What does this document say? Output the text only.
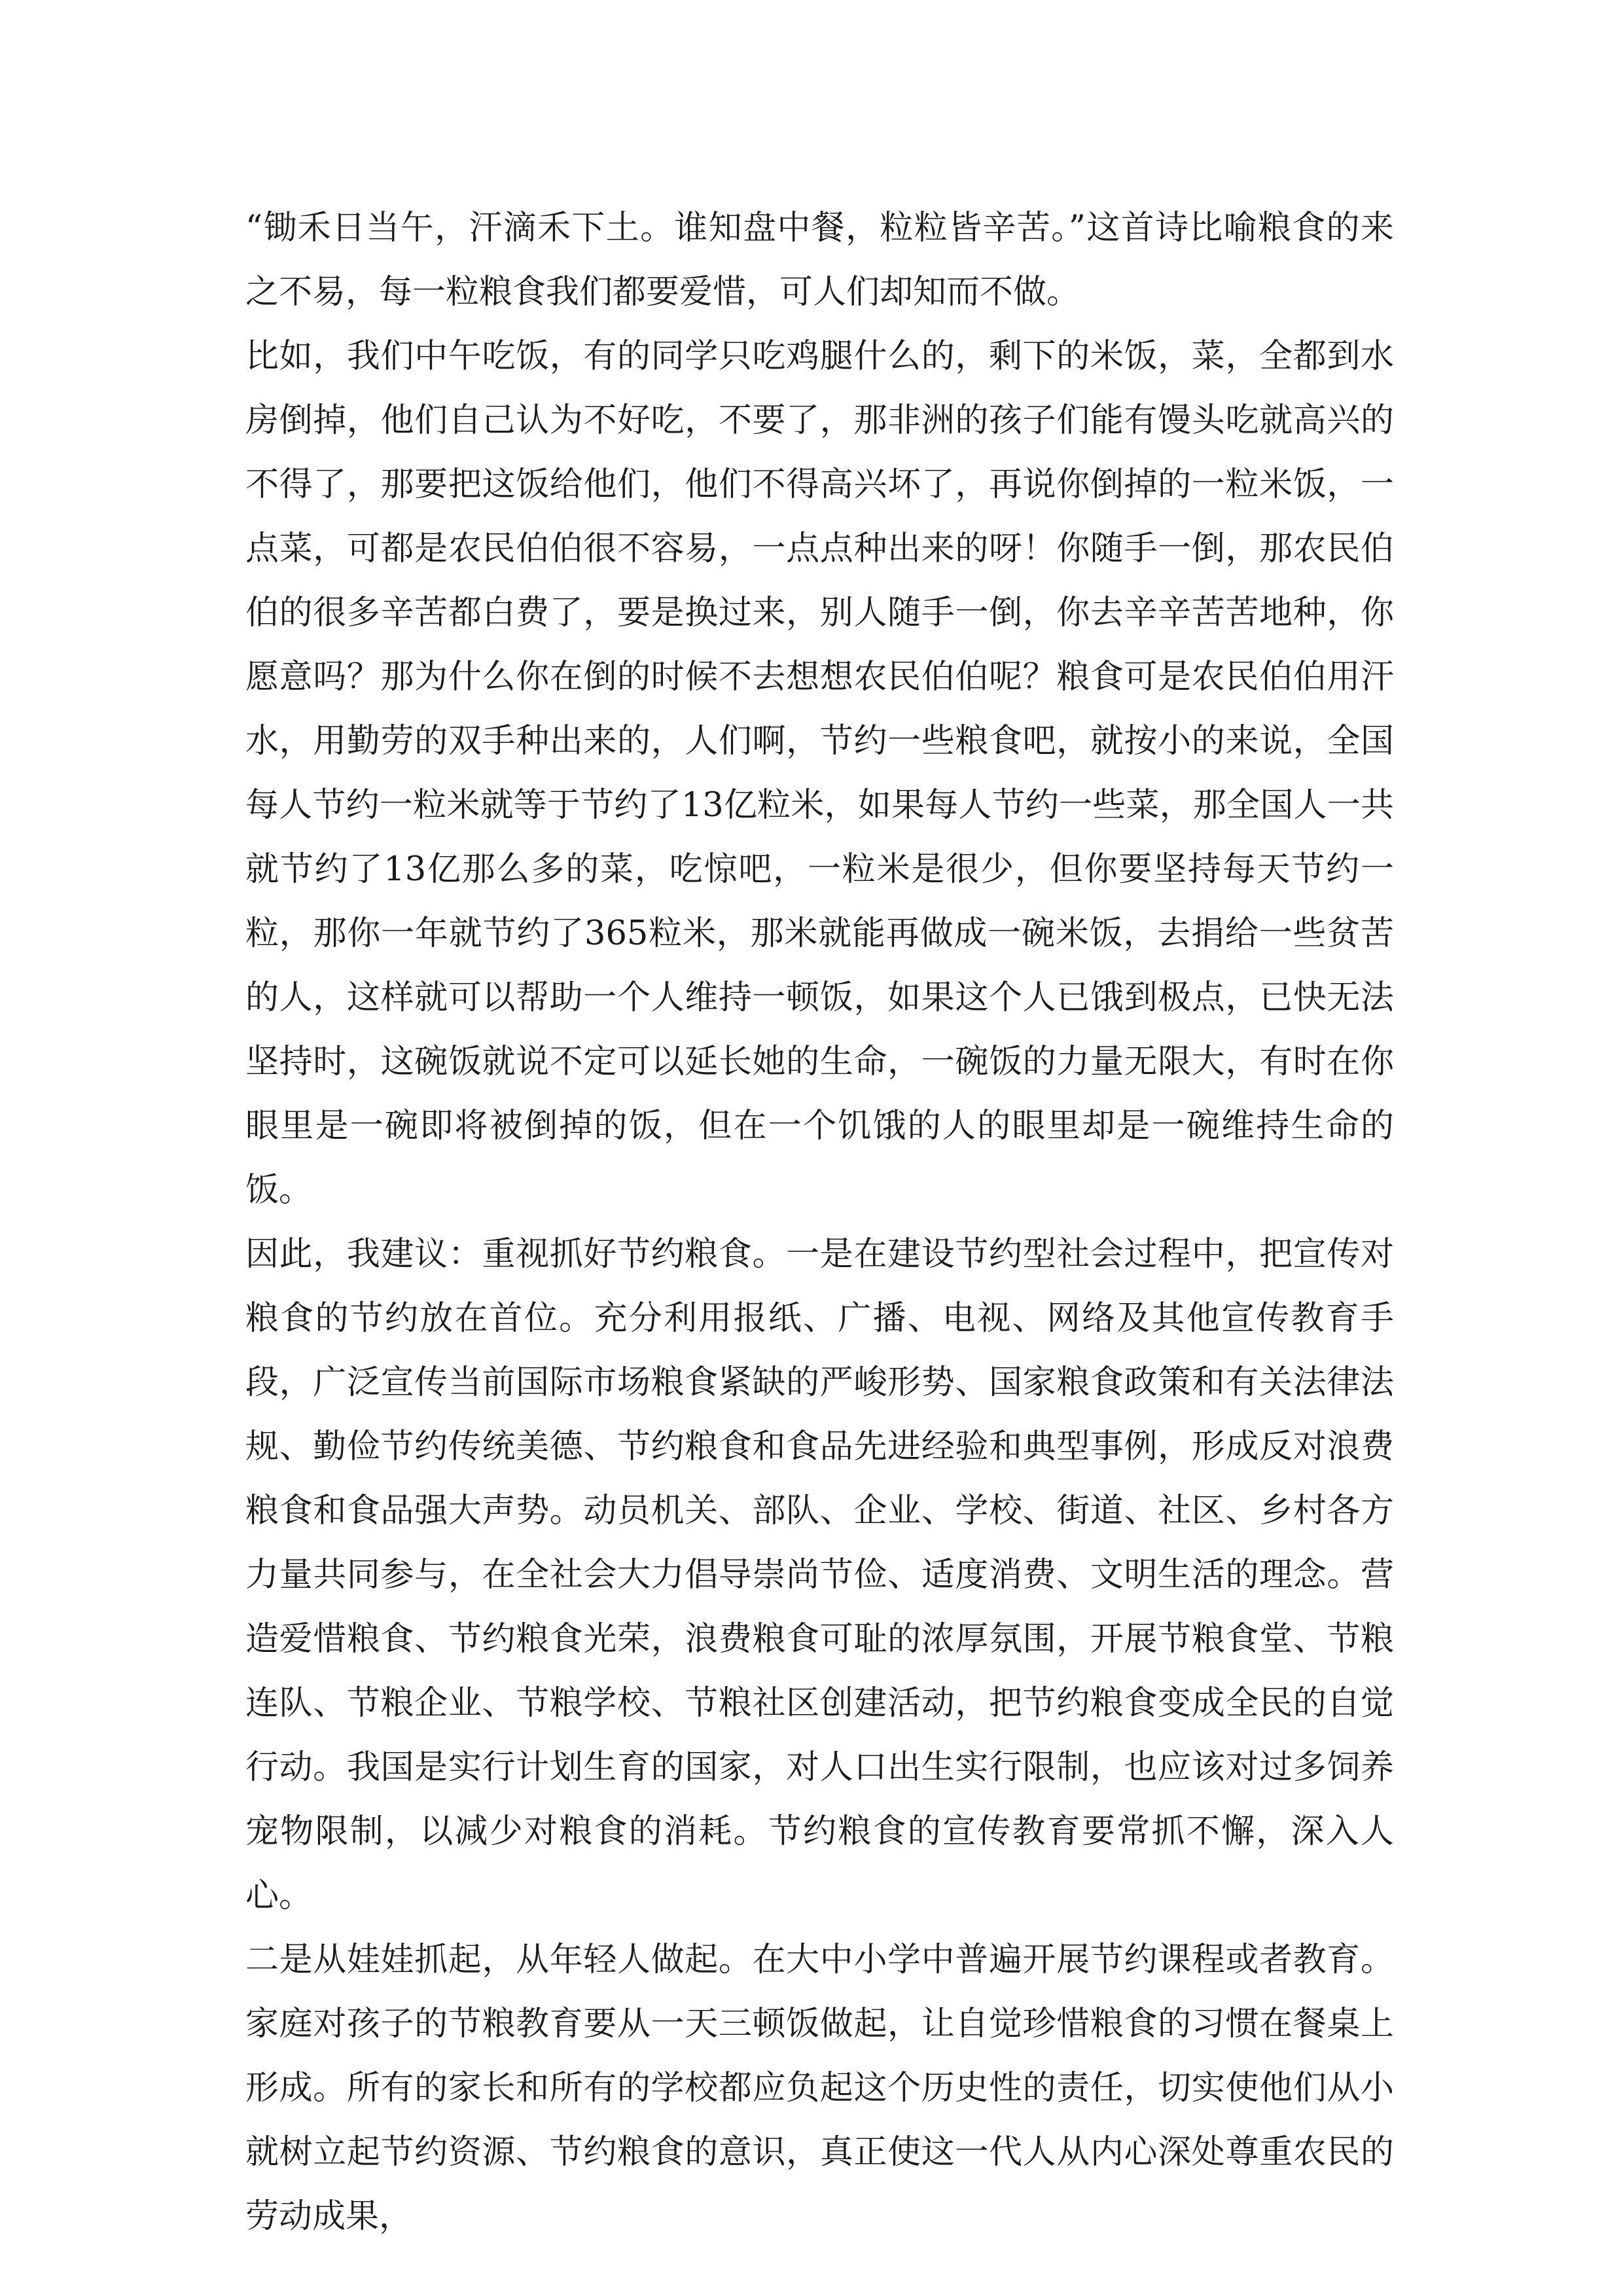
“锄禾日当午，汗滴禾下土。谁知盘中餐，粒粒皆辛苦。”这首诗比喻粮食的来之不易，每一粒粮食我们都要爱惜，可人们却知而不做。

比如，我们中午吃饭，有的同学只吃鸡腿什么的，剩下的米饭，菜，全都到水房倒掉，他们自己认为不好吃，不要了，那非洲的孩子们能有馒头吃就高兴的不得了，那要把这饭给他们，他们不得高兴坏了，再说你倒掉的一粒米饭，一点菜，可都是农民伯伯很不容易，一点点种出来的呀！你随手一倒，那农民伯伯的很多辛苦都白费了，要是换过来，别人随手一倒，你去辛辛苦苦地种，你愿意吗？那为什么你在倒的时候不去想想农民伯伯呢？粮食可是农民伯伯用汗水，用勤劳的双手种出来的，人们啊，节约一些粮食吧，就按小的来说，全国每人节约一粒米就等于节约了13亿粒米，如果每人节约一些菜，那全国人一共就节约了13亿那么多的菜，吃惊吧，一粒米是很少，但你要坚持每天节约一粒，那你一年就节约了365粒米，那米就能再做成一碗米饭，去捐给一些贫苦的人，这样就可以帮助一个人维持一顿饭，如果这个人已饿到极点，已快无法坚持时，这碗饭就说不定可以延长她的生命，一碗饭的力量无限大，有时在你眼里是一碗即将被倒掉的饭，但在一个饥饿的人的眼里却是一碗维持生命的饭。

因此，我建议：重视抓好节约粮食。一是在建设节约型社会过程中，把宣传对粮食的节约放在首位。充分利用报纸、广播、电视、网络及其他宣传教育手段，广泛宣传当前国际市场粮食紧缺的严峻形势、国家粮食政策和有关法律法规、勤俭节约传统美德、节约粮食和食品先进经验和典型事例，形成反对浪费粮食和食品强大声势。动员机关、部队、企业、学校、街道、社区、乡村各方力量共同参与，在全社会大力倡导崇尚节俭、适度消费、文明生活的理念。营造爱惜粮食、节约粮食光荣，浪费粮食可耻的浓厚氛围，开展节粮食堂、节粮连队、节粮企业、节粮学校、节粮社区创建活动，把节约粮食变成全民的自觉行动。我国是实行计划生育的国家，对人口出生实行限制，也应该对过多饲养宠物限制，以减少对粮食的消耗。节约粮食的宣传教育要常抓不懈，深入人心。

二是从娃娃抓起，从年轻人做起。在大中小学中普遍开展节约课程或者教育。家庭对孩子的节粮教育要从一天三顿饭做起，让自觉珍惜粮食的习惯在餐桌上形成。所有的家长和所有的学校都应负起这个历史性的责任，切实使他们从小就树立起节约资源、节约粮食的意识，真正使这一代人从内心深处尊重农民的劳动成果，
